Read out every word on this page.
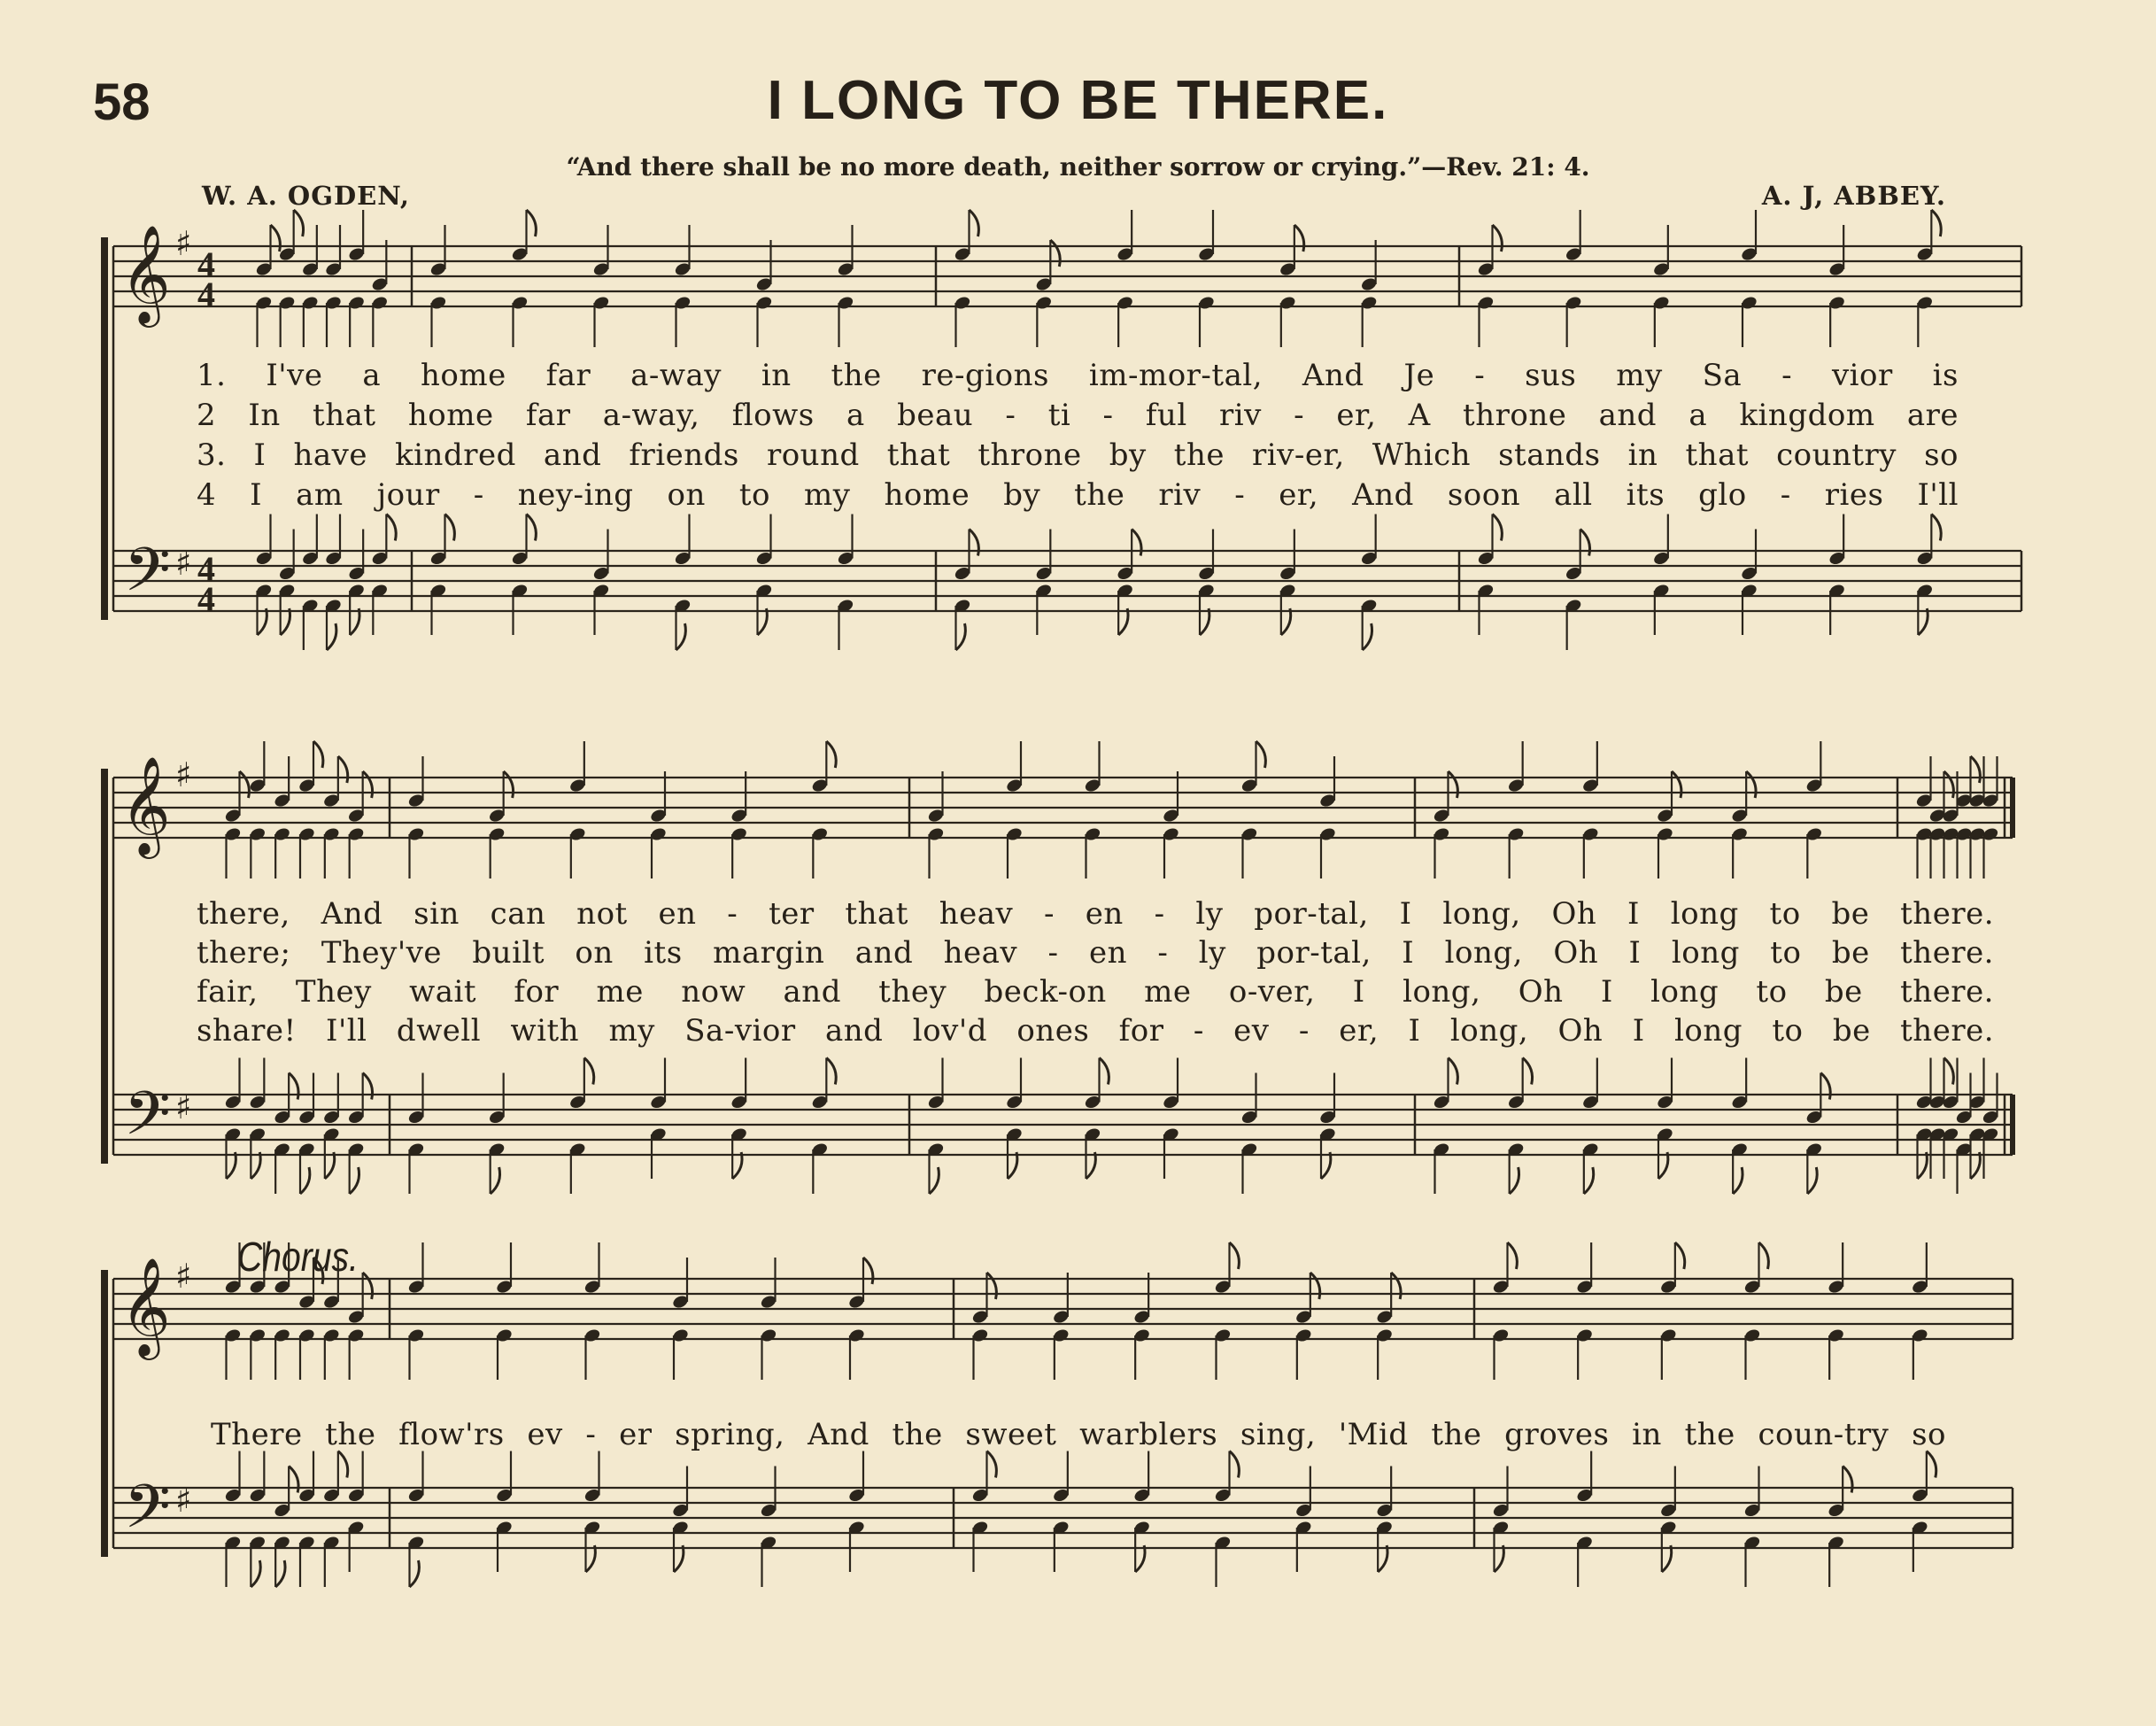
58	I LONG TO BE THERE.
“And there shall be no more death, neither sorrow or crying.”—Rev. 21: 4.
W. A. OGDEN,	A. J, ABBEY.
Chorus.
𝄞
𝄢
♯
♯
4
4
4
4
𝄞
𝄢
♯
♯
𝄞
𝄢
♯
♯
1. I've a home far a-way in the re-gions im-mor-tal, And Je - sus my Sa - vior is
2 In that home far a-way, flows a beau - ti - ful riv - er, A throne and a kingdom are
3. I have kindred and friends round that throne by the riv-er, Which stands in that country so
4 I am jour - ney-ing on to my home by the riv - er, And soon all its glo - ries I'll
there, And sin can not en - ter that heav - en - ly por-tal, I long, Oh I long to be there.
there; They've built on its margin and heav - en - ly por-tal, I long, Oh I long to be there.
fair, They wait for me now and they beck-on me o-ver, I long, Oh I long to be there.
share! I'll dwell with my Sa-vior and lov'd ones for - ev - er, I long, Oh I long to be there.
There the flow'rs ev - er spring, And the sweet warblers sing, 'Mid the groves in the coun-try so
